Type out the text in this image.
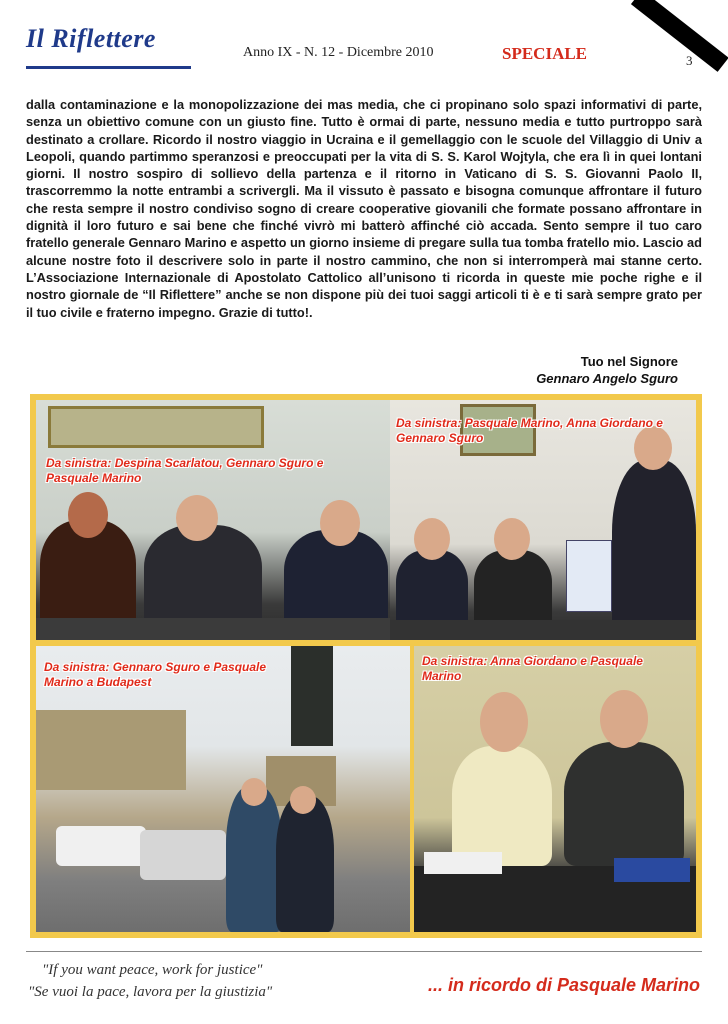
Il Riflettere	Anno IX - N. 12 - Dicembre 2010	SPECIALE	3

dalla contaminazione e la monopolizzazione dei mas media, che ci propinano solo spazi informativi di parte, senza un obiettivo comune con un giusto fine. Tutto è ormai di parte, nessuno media e tutto purtroppo sarà destinato a crollare. Ricordo il nostro viaggio in Ucraina e il gemellaggio con le scuole del Villaggio di Univ a Leopoli, quando partimmo speranzosi e preoccupati per la vita di S. S. Karol Wojtyla, che era lì in quei lontani giorni. Il nostro sospiro di sollievo della partenza e il ritorno in Vaticano di S. S. Giovanni Paolo II, trascorremmo la notte entrambi a scrivergli. Ma il vissuto è passato e bisogna comunque affrontare il futuro che resta sempre il nostro condiviso sogno di creare cooperative giovanili che formate possano affrontare in dignità il loro futuro e sai bene che finché vivrò mi batterò affinché ciò accada. Sento sempre il tuo caro fratello generale Gennaro Marino e aspetto un giorno insieme di pregare sulla tua tomba fratello mio. Lascio ad alcune nostre foto il descrivere solo in parte il nostro cammino, che non si interromperà mai stanne certo. L’Associazione Internazionale di Apostolato Cattolico all’unisono ti ricorda in queste mie poche righe e il nostro giornale de “Il Riflettere” anche se non dispone più dei tuoi saggi articoli ti è e ti sarà sempre grato per il tuo civile e fraterno impegno. Grazie di tutto!.

Tuo nel Signore
Gennaro Angelo Sguro
Da sinistra: Despina Scarlatou, Gennaro Sguro e Pasquale Marino
Da sinistra: Pasquale Marino, Anna Giordano e Gennaro Sguro
Da sinistra: Gennaro Sguro e Pasquale Marino a Budapest
Da sinistra: Anna Giordano e Pasquale Marino
"If you want peace, work for justice"
"Se vuoi la pace, lavora per la giustizia"	... in ricordo di Pasquale Marino
